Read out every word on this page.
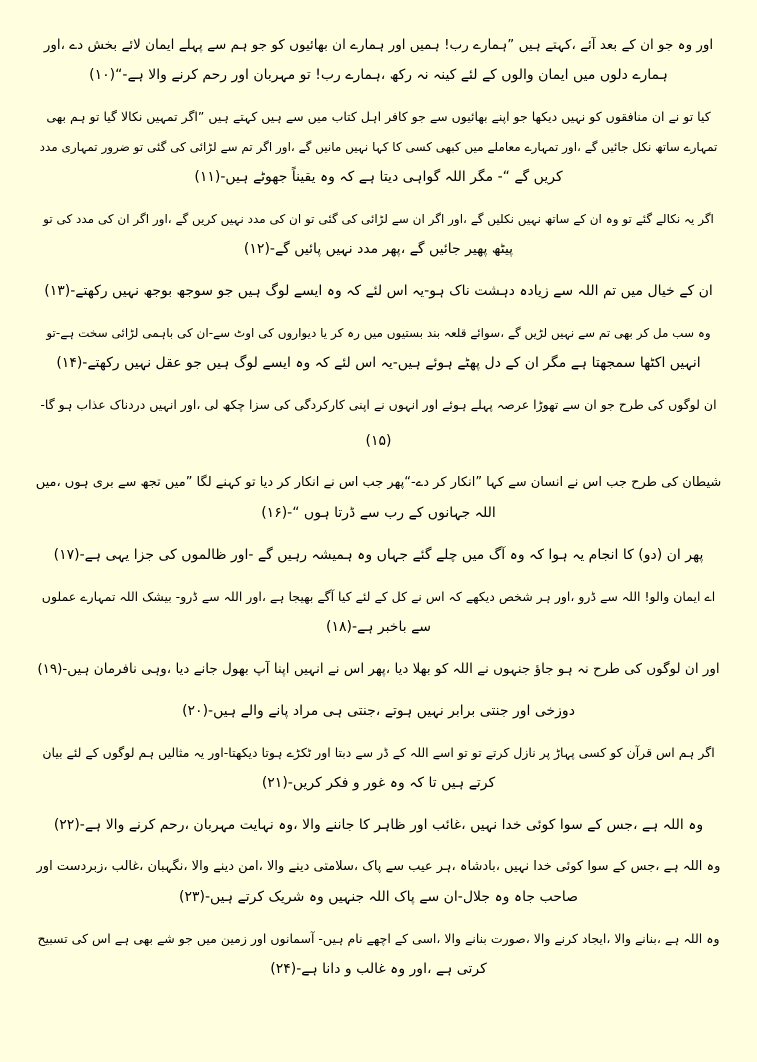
اور وہ جو ان کے بعد آئے ،کہتے ہیں ”ہمارے رب! ہمیں اور ہمارے ان بھائیوں کو جو ہم سے پہلے ایمان لائے بخش دے ،اور
ہمارے دلوں میں ایمان والوں کے لئے کینہ نہ رکھ ،ہمارے رب! تو مہربان اور رحم کرنے والا ہے-“(۱۰)
کیا تو نے ان منافقوں کو نہیں دیکھا جو اپنے بھائیوں سے جو کافر اہل کتاب میں سے ہیں کہتے ہیں ”اگر تمہیں نکالا گیا تو ہم بھی
تمہارے ساتھ نکل جائیں گے ،اور تمہارے معاملے میں کبھی کسی کا کہا نہیں مانیں گے ،اور اگر تم سے لڑائی کی گئی تو ضرور تمہاری مدد
کریں گے “- مگر اللہ گواہی دیتا ہے کہ وہ یقیناً جھوٹے ہیں-(۱۱)
اگر یہ نکالے گئے تو وہ ان کے ساتھ نہیں نکلیں گے ،اور اگر ان سے لڑائی کی گئی تو ان کی مدد نہیں کریں گے ،اور اگر ان کی مدد کی تو
پیٹھ پھیر جائیں گے ،پھر مدد نہیں پائیں گے-(۱۲)
ان کے خیال میں تم اللہ سے زیادہ دہشت ناک ہو-یہ اس لئے کہ وہ ایسے لوگ ہیں جو سوجھ بوجھ نہیں رکھتے-(۱۳)
وہ سب مل کر بھی تم سے نہیں لڑیں گے ،سوائے قلعہ بند بستیوں میں رہ کر یا دیواروں کی اوٹ سے-ان کی باہمی لڑائی سخت ہے-تو
انہیں اکٹھا سمجھتا ہے مگر ان کے دل پھٹے ہوئے ہیں-یہ اس لئے کہ وہ ایسے لوگ ہیں جو عقل نہیں رکھتے-(۱۴)
ان لوگوں کی طرح جو ان سے تھوڑا عرصہ پہلے ہوئے اور انہوں نے اپنی کارکردگی کی سزا چکھ لی ،اور انہیں دردناک عذاب ہو گا-
(۱۵)
شیطان کی طرح جب اس نے انسان سے کہا ”انکار کر دے-“پھر جب اس نے انکار کر دیا تو کہنے لگا ”میں تجھ سے بری ہوں ،میں
اللہ جہانوں کے رب سے ڈرتا ہوں “-(۱۶)
پھر ان (دو) کا انجام یہ ہوا کہ وہ آگ میں چلے گئے جہاں وہ ہمیشہ رہیں گے -اور ظالموں کی جزا یہی ہے-(۱۷)
اے ایمان والو! اللہ سے ڈرو ،اور ہر شخص دیکھے کہ اس نے کل کے لئے کیا آگے بھیجا ہے ،اور اللہ سے ڈرو- بیشک اللہ تمہارے عملوں
سے باخبر ہے-(۱۸)
اور ان لوگوں کی طرح نہ ہو جاؤ جنہوں نے اللہ کو بھلا دیا ،پھر اس نے انہیں اپنا آپ بھول جانے دیا ،وہی نافرمان ہیں-(۱۹)
دوزخی اور جنتی برابر نہیں ہوتے ،جنتی ہی مراد پانے والے ہیں-(۲۰)
اگر ہم اس قرآن کو کسی پہاڑ پر نازل کرتے تو تو اسے اللہ کے ڈر سے دبتا اور ٹکڑے ہوتا دیکھتا-اور یہ مثالیں ہم لوگوں کے لئے بیان
کرتے ہیں تا کہ وہ غور و فکر کریں-(۲۱)
وہ اللہ ہے ،جس کے سوا کوئی خدا نہیں ،غائب اور ظاہر کا جاننے والا ،وہ نہایت مہربان ،رحم کرنے والا ہے-(۲۲)
وہ اللہ ہے ،جس کے سوا کوئی خدا نہیں ،بادشاہ ،ہر عیب سے پاک ،سلامتی دینے والا ،امن دینے والا ،نگہبان ،غالب ،زبردست اور
صاحب جاہ وہ جلال-ان سے پاک اللہ جنہیں وہ شریک کرتے ہیں-(۲۳)
وہ اللہ ہے ،بنانے والا ،ایجاد کرنے والا ،صورت بنانے والا ،اسی کے اچھے نام ہیں- آسمانوں اور زمین میں جو شے بھی ہے اس کی تسبیح
کرتی ہے ،اور وہ غالب و دانا ہے-(۲۴)
